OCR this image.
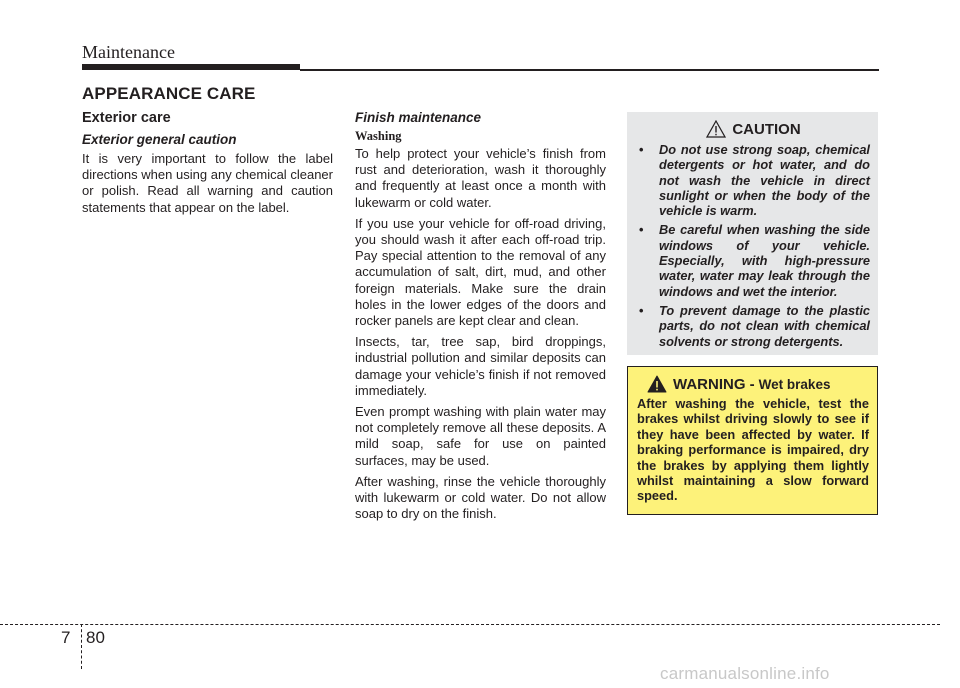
Maintenance
APPEARANCE CARE
Exterior care
Exterior general caution

It is very important to follow the label directions when using any chemical cleaner or polish. Read all warning and caution statements that appear on the label.

Finish maintenance
Washing

To help protect your vehicle’s finish from rust and deterioration, wash it thoroughly and frequently at least once a month with lukewarm or cold water.

If you use your vehicle for off-road driving, you should wash it after each off-road trip. Pay special attention to the removal of any accumulation of salt, dirt, mud, and other foreign materials. Make sure the drain holes in the lower edges of the doors and rocker panels are kept clear and clean.

Insects, tar, tree sap, bird droppings, industrial pollution and similar deposits can damage your vehicle’s finish if not removed immediately.

Even prompt washing with plain water may not completely remove all these deposits. A mild soap, safe for use on painted surfaces, may be used.

After washing, rinse the vehicle thoroughly with lukewarm or cold water. Do not allow soap to dry on the finish.

CAUTION
• Do not use strong soap, chemical detergents or hot water, and do not wash the vehicle in direct sunlight or when the body of the vehicle is warm.
• Be careful when washing the side windows of your vehicle. Especially, with high-pressure water, water may leak through the windows and wet the interior.
• To prevent damage to the plastic parts, do not clean with chemical solvents or strong detergents.
WARNING - Wet brakes

After washing the vehicle, test the brakes whilst driving slowly to see if they have been affected by water. If braking performance is impaired, dry the brakes by applying them lightly whilst maintaining a slow forward speed.

7 80
carmanualsonline.info
